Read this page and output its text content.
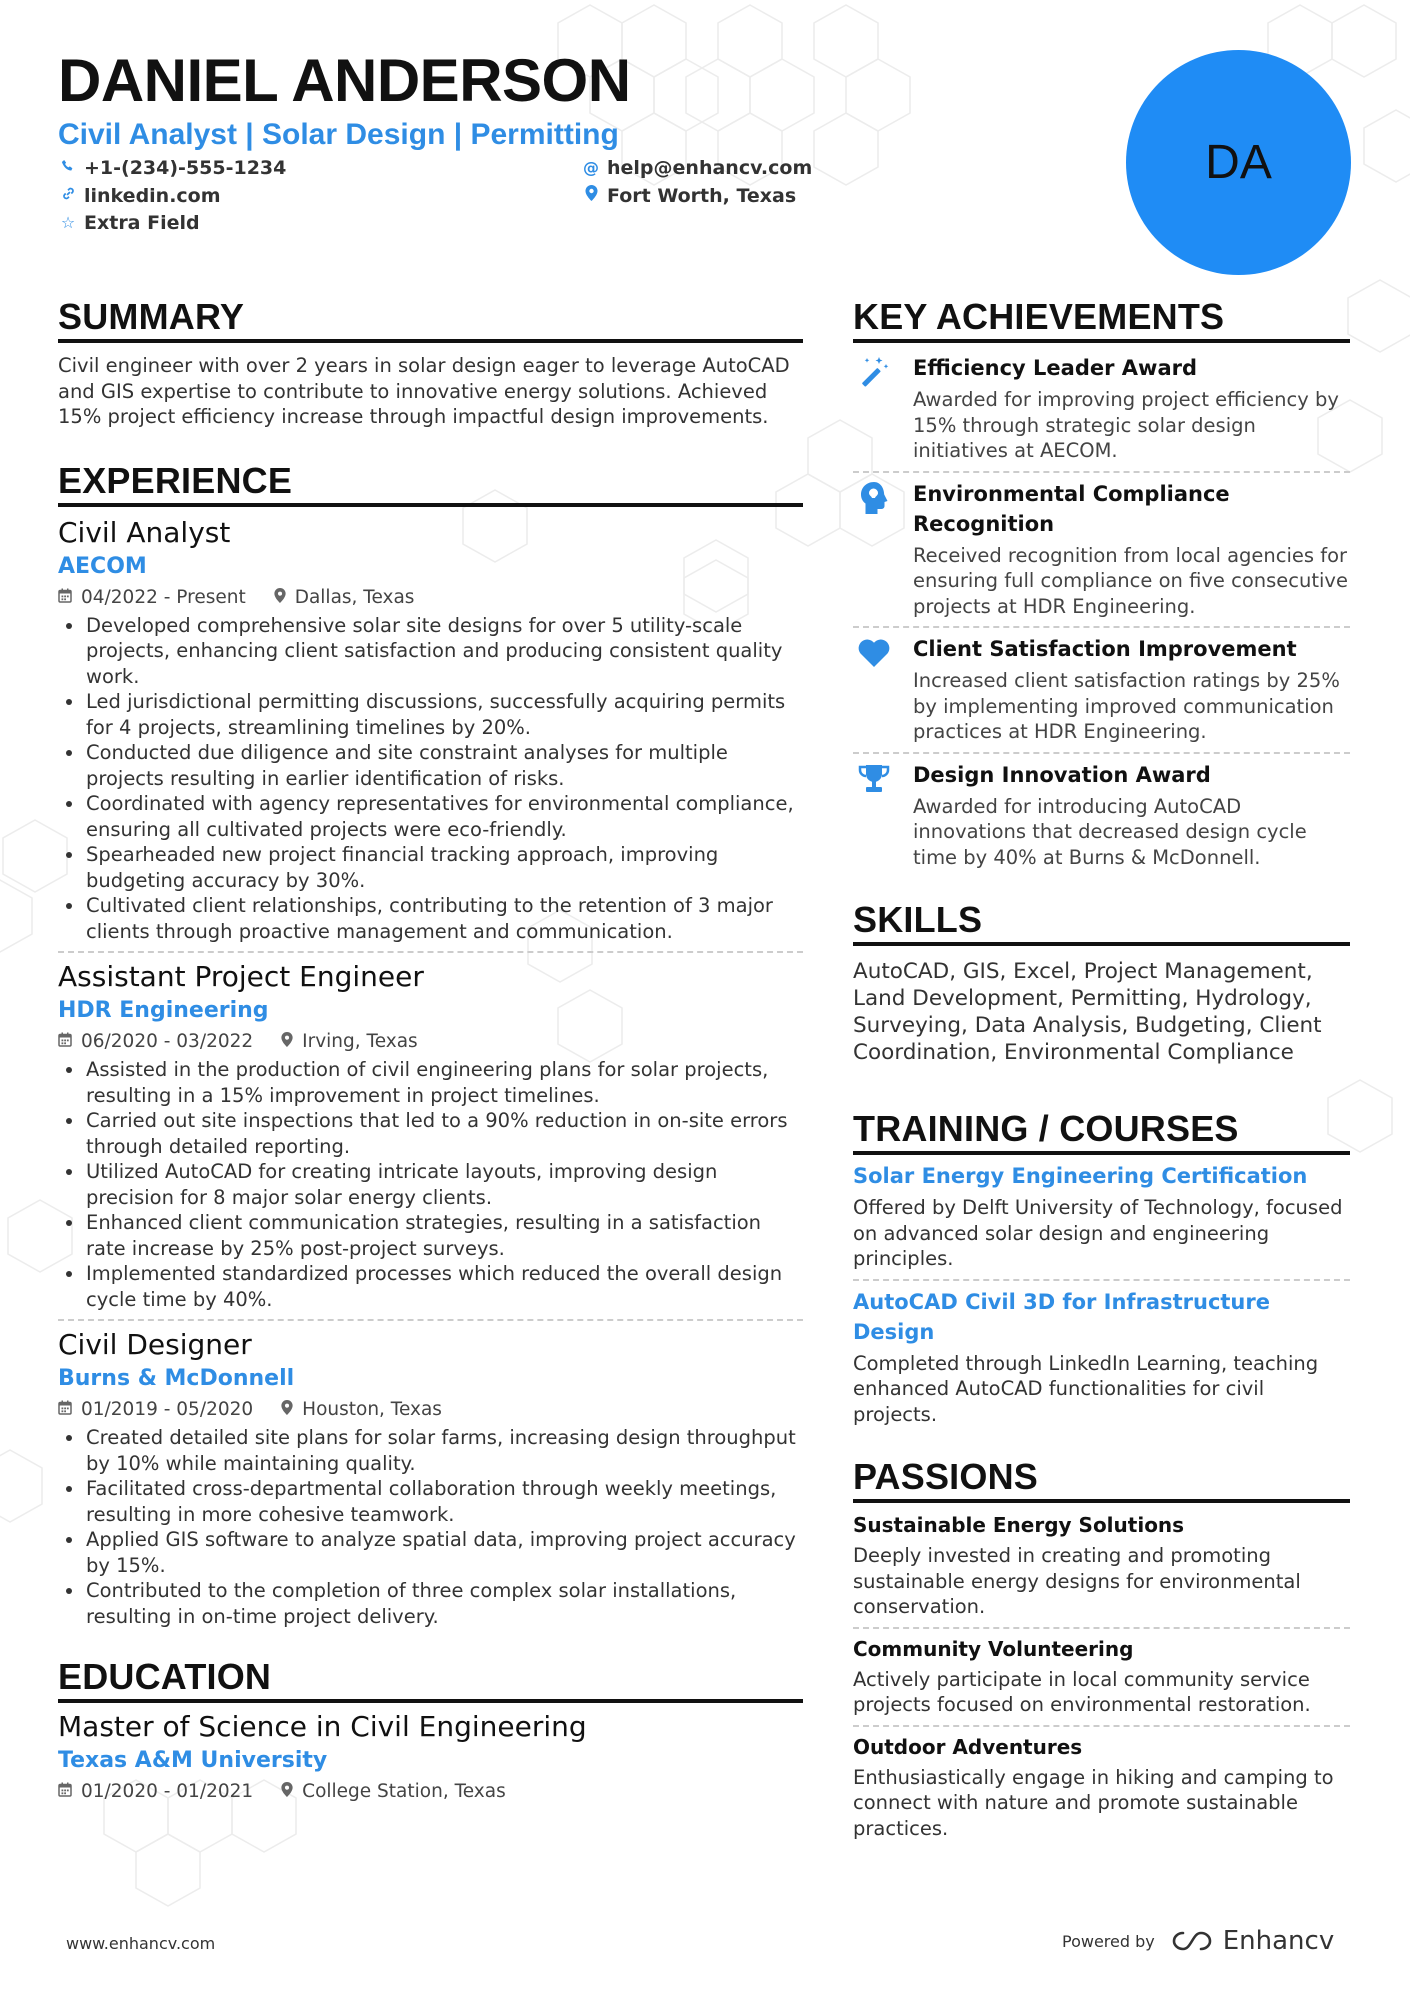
DANIEL ANDERSON
Civil Analyst | Solar Design | Permitting
+1-(234)-555-1234	@ help@enhancv.com
linkedin.com	Fort Worth, Texas
☆ Extra Field
DA
SUMMARY
Civil engineer with over 2 years in solar design eager to leverage AutoCAD and GIS expertise to contribute to innovative energy solutions. Achieved 15% project efficiency increase through impactful design improvements.
EXPERIENCE
Civil Analyst
AECOM
04/2022 - Present	Dallas, Texas
Developed comprehensive solar site designs for over 5 utility-scale projects, enhancing client satisfaction and producing consistent quality work.
Led jurisdictional permitting discussions, successfully acquiring permits for 4 projects, streamlining timelines by 20%.
Conducted due diligence and site constraint analyses for multiple projects resulting in earlier identification of risks.
Coordinated with agency representatives for environmental compliance, ensuring all cultivated projects were eco-friendly.
Spearheaded new project financial tracking approach, improving budgeting accuracy by 30%.
Cultivated client relationships, contributing to the retention of 3 major clients through proactive management and communication.
Assistant Project Engineer
HDR Engineering
06/2020 - 03/2022	Irving, Texas
Assisted in the production of civil engineering plans for solar projects, resulting in a 15% improvement in project timelines.
Carried out site inspections that led to a 90% reduction in on-site errors through detailed reporting.
Utilized AutoCAD for creating intricate layouts, improving design precision for 8 major solar energy clients.
Enhanced client communication strategies, resulting in a satisfaction rate increase by 25% post-project surveys.
Implemented standardized processes which reduced the overall design cycle time by 40%.
Civil Designer
Burns & McDonnell
01/2019 - 05/2020	Houston, Texas
Created detailed site plans for solar farms, increasing design throughput by 10% while maintaining quality.
Facilitated cross-departmental collaboration through weekly meetings, resulting in more cohesive teamwork.
Applied GIS software to analyze spatial data, improving project accuracy by 15%.
Contributed to the completion of three complex solar installations, resulting in on-time project delivery.
EDUCATION
Master of Science in Civil Engineering
Texas A&M University
01/2020 - 01/2021	College Station, Texas
KEY ACHIEVEMENTS
Efficiency Leader Award
Awarded for improving project efficiency by 15% through strategic solar design initiatives at AECOM.
Environmental Compliance Recognition
Received recognition from local agencies for ensuring full compliance on five consecutive projects at HDR Engineering.
Client Satisfaction Improvement
Increased client satisfaction ratings by 25% by implementing improved communication practices at HDR Engineering.
Design Innovation Award
Awarded for introducing AutoCAD innovations that decreased design cycle time by 40% at Burns & McDonnell.
SKILLS
AutoCAD, GIS, Excel, Project Management, Land Development, Permitting, Hydrology, Surveying, Data Analysis, Budgeting, Client Coordination, Environmental Compliance
TRAINING / COURSES
Solar Energy Engineering Certification
Offered by Delft University of Technology, focused on advanced solar design and engineering principles.
AutoCAD Civil 3D for Infrastructure Design
Completed through LinkedIn Learning, teaching enhanced AutoCAD functionalities for civil projects.
PASSIONS
Sustainable Energy Solutions
Deeply invested in creating and promoting sustainable energy designs for environmental conservation.
Community Volunteering
Actively participate in local community service projects focused on environmental restoration.
Outdoor Adventures
Enthusiastically engage in hiking and camping to connect with nature and promote sustainable practices.
www.enhancv.com	Powered by	Enhancv
